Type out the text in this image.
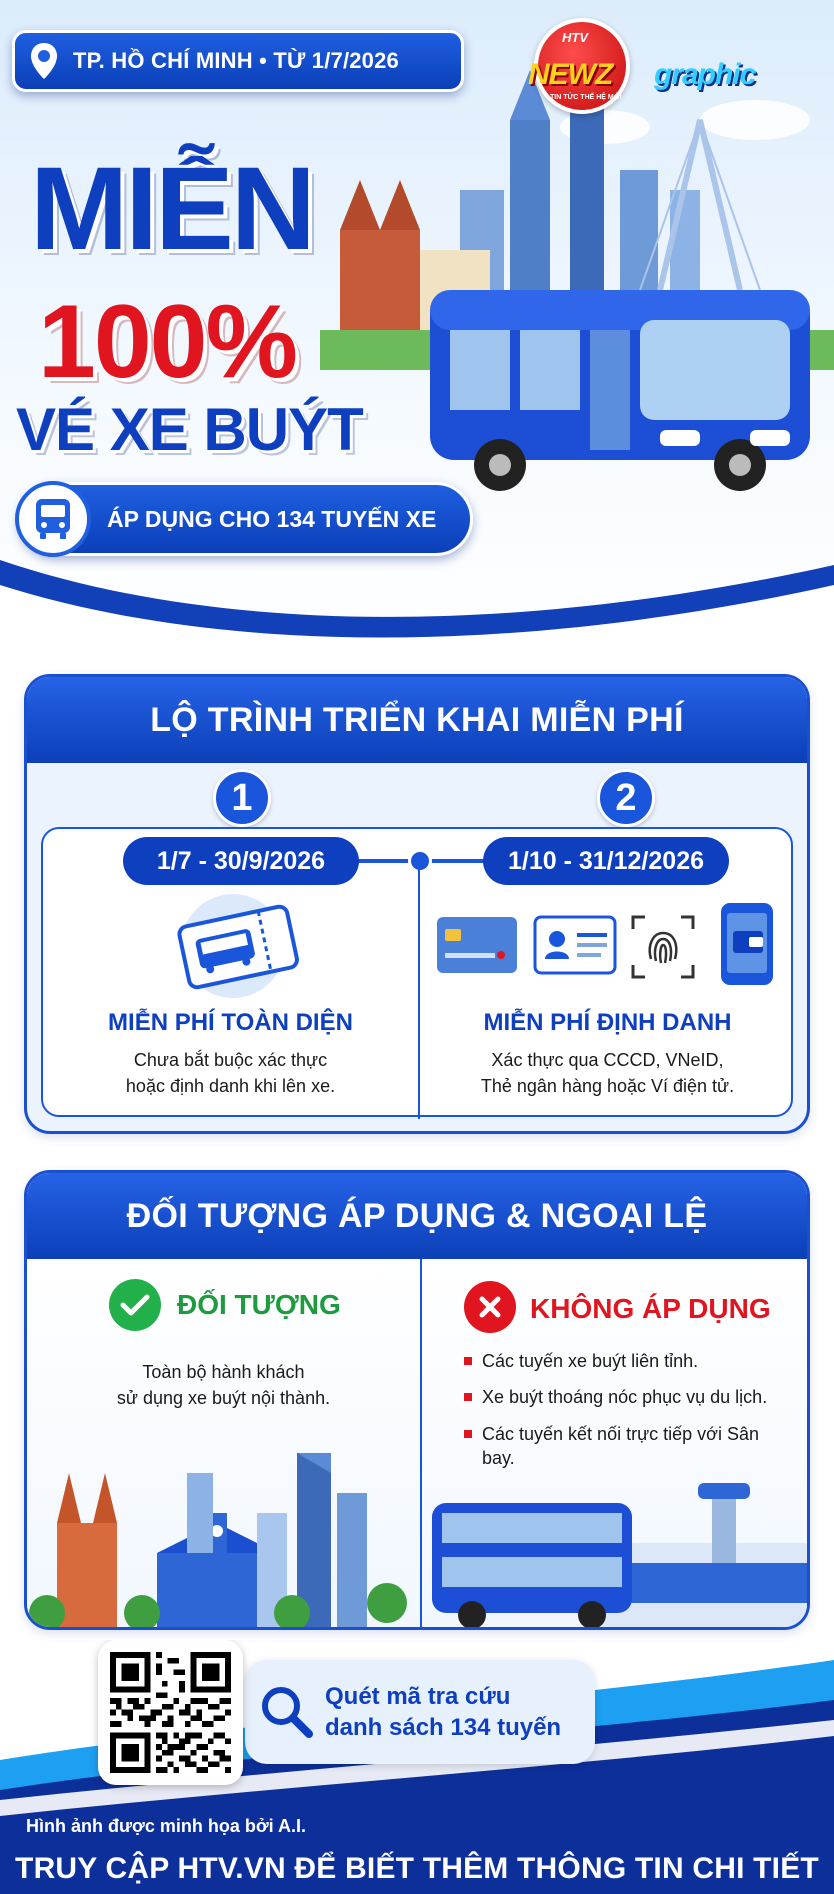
TP. HỒ CHÍ MINH • TỪ 1/7/2026
HTV
NEWZ
TIN TỨC THẾ HỆ MỚI
graphic
MIỄN
100%
VÉ XE BUÝT
ÁP DỤNG CHO 134 TUYẾN XE
LỘ TRÌNH TRIỂN KHAI MIỄN PHÍ
1	2
1/7 - 30/9/2026
MIỄN PHÍ TOÀN DIỆN
Chưa bắt buộc xác thực
hoặc định danh khi lên xe.
1/10 - 31/12/2026
MIỄN PHÍ ĐỊNH DANH
Xác thực qua CCCD, VNeID,
Thẻ ngân hàng hoặc Ví điện tử.
ĐỐI TƯỢNG ÁP DỤNG & NGOẠI LỆ
ĐỐI TƯỢNG
Toàn bộ hành khách
sử dụng xe buýt nội thành.
KHÔNG ÁP DỤNG
Các tuyến xe buýt liên tỉnh.
Xe buýt thoáng nóc phục vụ du lịch.
Các tuyến kết nối trực tiếp với Sân bay.
Quét mã tra cứu
danh sách 134 tuyến
Hình ảnh được minh họa bởi A.I.
TRUY CẬP HTV.VN ĐỂ BIẾT THÊM THÔNG TIN CHI TIẾT
